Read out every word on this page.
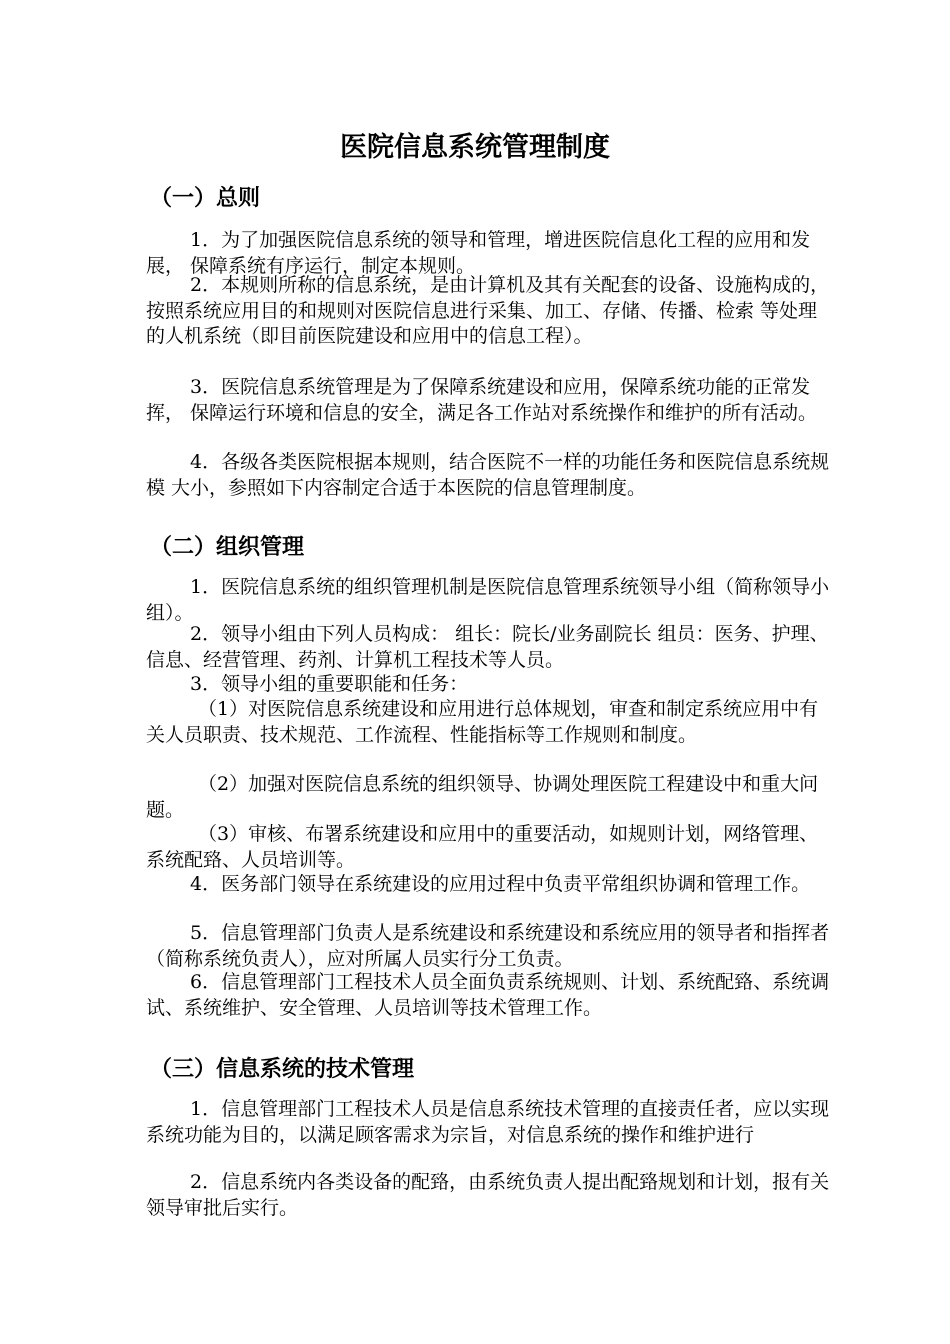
医院信息系统管理制度
（一）总则

1．为了加强医院信息系统的领导和管理，增进医院信息化工程的应用和发展， 保障系统有序运行，制定本规则。

2．本规则所称的信息系统，是由计算机及其有关配套的设备、设施构成的， 按照系统应用目的和规则对医院信息进行采集、加工、存储、传播、检索 等处理的人机系统（即目前医院建设和应用中的信息工程）。

3．医院信息系统管理是为了保障系统建设和应用，保障系统功能的正常发挥， 保障运行环境和信息的安全，满足各工作站对系统操作和维护的所有活动。

4．各级各类医院根据本规则，结合医院不一样的功能任务和医院信息系统规模 大小，参照如下内容制定合适于本医院的信息管理制度。

（二）组织管理

1．医院信息系统的组织管理机制是医院信息管理系统领导小组（简称领导小组）。

2．领导小组由下列人员构成： 组长：院长/业务副院长 组员：医务、护理、信息、经营管理、药剂、计算机工程技术等人员。

3．领导小组的重要职能和任务：

（1）对医院信息系统建设和应用进行总体规划，审查和制定系统应用中有关人员职责、技术规范、工作流程、性能指标等工作规则和制度。

（2）加强对医院信息系统的组织领导、协调处理医院工程建设中和重大问题。

（3）审核、布署系统建设和应用中的重要活动，如规则计划，网络管理、系统配臵、人员培训等。

4．医务部门领导在系统建设的应用过程中负责平常组织协调和管理工作。

5．信息管理部门负责人是系统建设和系统建设和系统应用的领导者和指挥者（简称系统负责人），应对所属人员实行分工负责。

6．信息管理部门工程技术人员全面负责系统规则、计划、系统配臵、系统调 试、系统维护、安全管理、人员培训等技术管理工作。

（三）信息系统的技术管理

1．信息管理部门工程技术人员是信息系统技术管理的直接责任者，应以实现系统功能为目的，以满足顾客需求为宗旨，对信息系统的操作和维护进行

2．信息系统内各类设备的配臵，由系统负责人提出配臵规划和计划，报有关 领导审批后实行。
